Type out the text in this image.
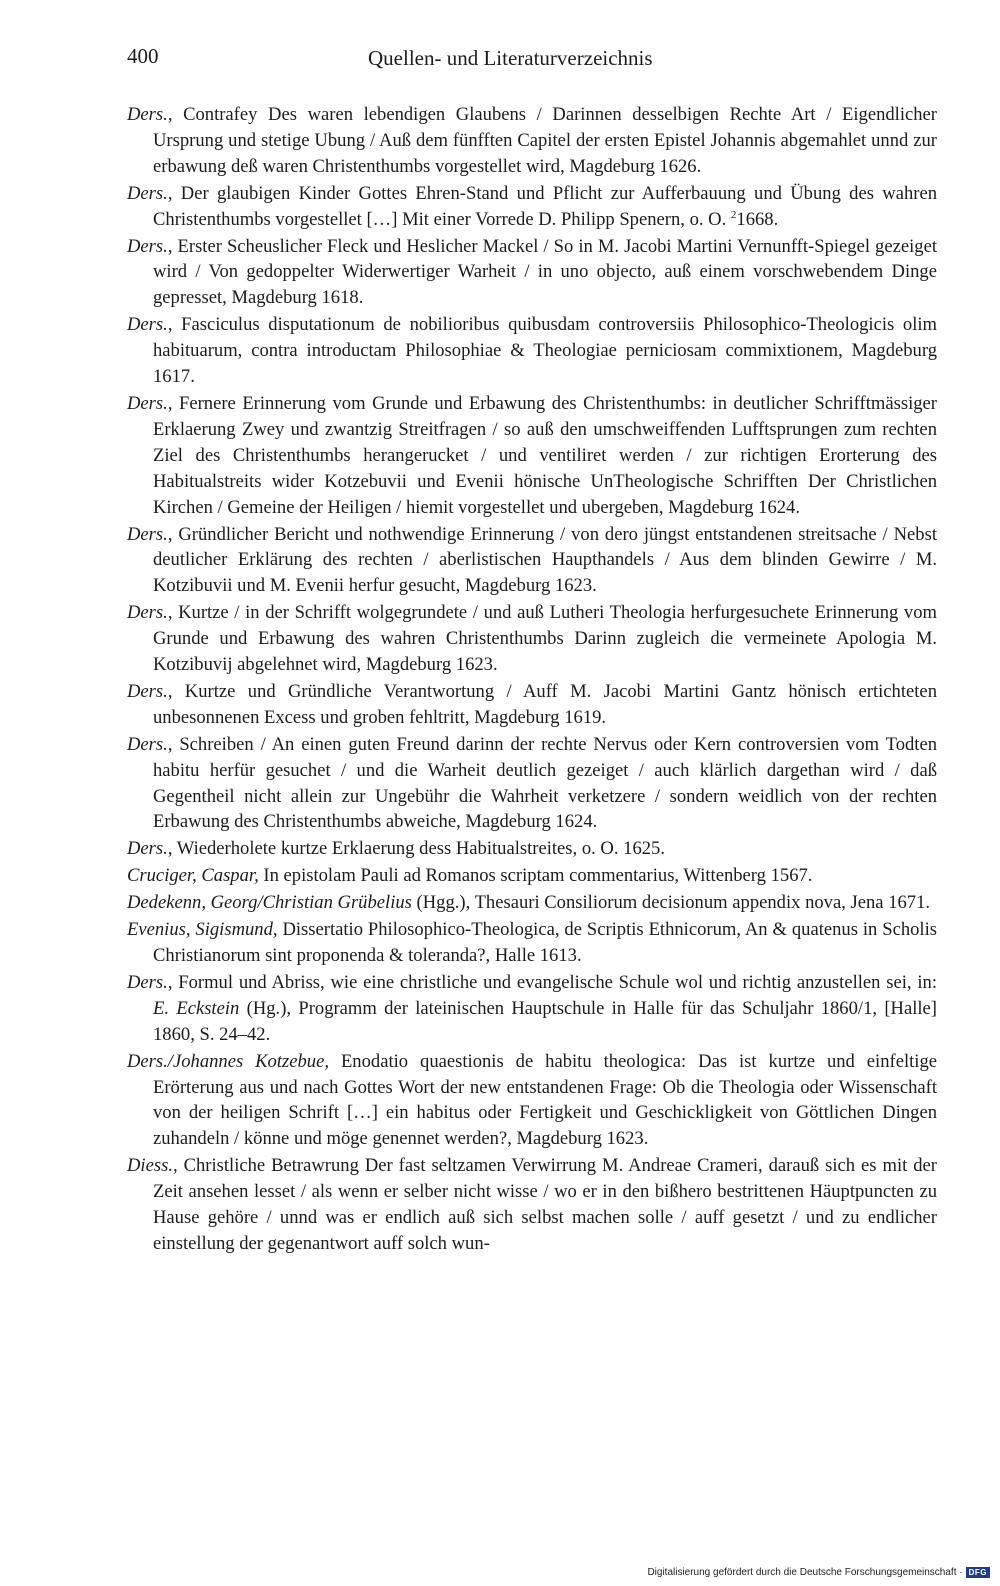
400	Quellen- und Literaturverzeichnis
Ders., Contrafey Des waren lebendigen Glaubens / Darinnen desselbigen Rechte Art / Eigendlicher Ursprung und stetige Ubung / Auß dem fünfften Capitel der ersten Epistel Johannis abgemahlet unnd zur erbawung deß waren Christenthumbs vorgestellet wird, Magdeburg 1626.
Ders., Der glaubigen Kinder Gottes Ehren-Stand und Pflicht zur Aufferbauung und Übung des wahren Christenthumbs vorgestellet […] Mit einer Vorrede D. Philipp Spenern, o. O. $^2$1668.
Ders., Erster Scheuslicher Fleck und Heslicher Mackel / So in M. Jacobi Martini Vernunfft-Spiegel gezeiget wird / Von gedoppelter Widerwertiger Warheit / in uno objecto, auß einem vorschwebendem Dinge gepresset, Magdeburg 1618.
Ders., Fasciculus disputationum de nobilioribus quibusdam controversiis Philosophico-Theologicis olim habituarum, contra introductam Philosophiae & Theologiae perniciosam commixtionem, Magdeburg 1617.
Ders., Fernere Erinnerung vom Grunde und Erbawung des Christenthumbs: in deutlicher Schrifftmässiger Erklaerung Zwey und zwantzig Streitfragen / so auß den umschweiffenden Lufftsprungen zum rechten Ziel des Christenthumbs herangerucket / und ventiliret werden / zur richtigen Erorterung des Habitualstreits wider Kotzebuvii und Evenii hönische UnTheologische Schrifften Der Christlichen Kirchen / Gemeine der Heiligen / hiemit vorgestellet und ubergeben, Magdeburg 1624.
Ders., Gründlicher Bericht und nothwendige Erinnerung / von dero jüngst entstandenen streitsache / Nebst deutlicher Erklärung des rechten / aberlistischen Haupthandels / Aus dem blinden Gewirre / M. Kotzibuvii und M. Evenii herfur gesucht, Magdeburg 1623.
Ders., Kurtze / in der Schrifft wolgegrundete / und auß Lutheri Theologia herfurgesuchete Erinnerung vom Grunde und Erbawung des wahren Christenthumbs Darinn zugleich die vermeinete Apologia M. Kotzibuvij abgelehnet wird, Magdeburg 1623.
Ders., Kurtze und Gründliche Verantwortung / Auff M. Jacobi Martini Gantz hönisch ertichteten unbesonnenen Excess und groben fehltritt, Magdeburg 1619.
Ders., Schreiben / An einen guten Freund darinn der rechte Nervus oder Kern controversien vom Todten habitu herfür gesuchet / und die Warheit deutlich gezeiget / auch klärlich dargethan wird / daß Gegentheil nicht allein zur Ungebühr die Wahrheit verketzere / sondern weidlich von der rechten Erbawung des Christenthumbs abweiche, Magdeburg 1624.
Ders., Wiederholete kurtze Erklaerung dess Habitualstreites, o. O. 1625.
Cruciger, Caspar, In epistolam Pauli ad Romanos scriptam commentarius, Wittenberg 1567.
Dedekenn, Georg/Christian Grübelius (Hgg.), Thesauri Consiliorum decisionum appendix nova, Jena 1671.
Evenius, Sigismund, Dissertatio Philosophico-Theologica, de Scriptis Ethnicorum, An & quatenus in Scholis Christianorum sint proponenda & toleranda?, Halle 1613.
Ders., Formul und Abriss, wie eine christliche und evangelische Schule wol und richtig anzustellen sei, in: E. Eckstein (Hg.), Programm der lateinischen Hauptschule in Halle für das Schuljahr 1860/1, [Halle] 1860, S. 24–42.
Ders./Johannes Kotzebue, Enodatio quaestionis de habitu theologica: Das ist kurtze und einfeltige Erörterung aus und nach Gottes Wort der new entstandenen Frage: Ob die Theologia oder Wissenschaft von der heiligen Schrift […] ein habitus oder Fertigkeit und Geschickligkeit von Göttlichen Dingen zuhandeln / könne und möge genennet werden?, Magdeburg 1623.
Diess., Christliche Betrawrung Der fast seltzamen Verwirrung M. Andreae Crameri, darauß sich es mit der Zeit ansehen lesset / als wenn er selber nicht wisse / wo er in den bißhero bestrittenen Häuptpuncten zu Hause gehöre / unnd was er endlich auß sich selbst machen solle / auff gesetzt / und zu endlicher einstellung der gegenantwort auff solch wun-
Digitalisierung gefördert durch die Deutsche Forschungsgemeinschaft · DFG
